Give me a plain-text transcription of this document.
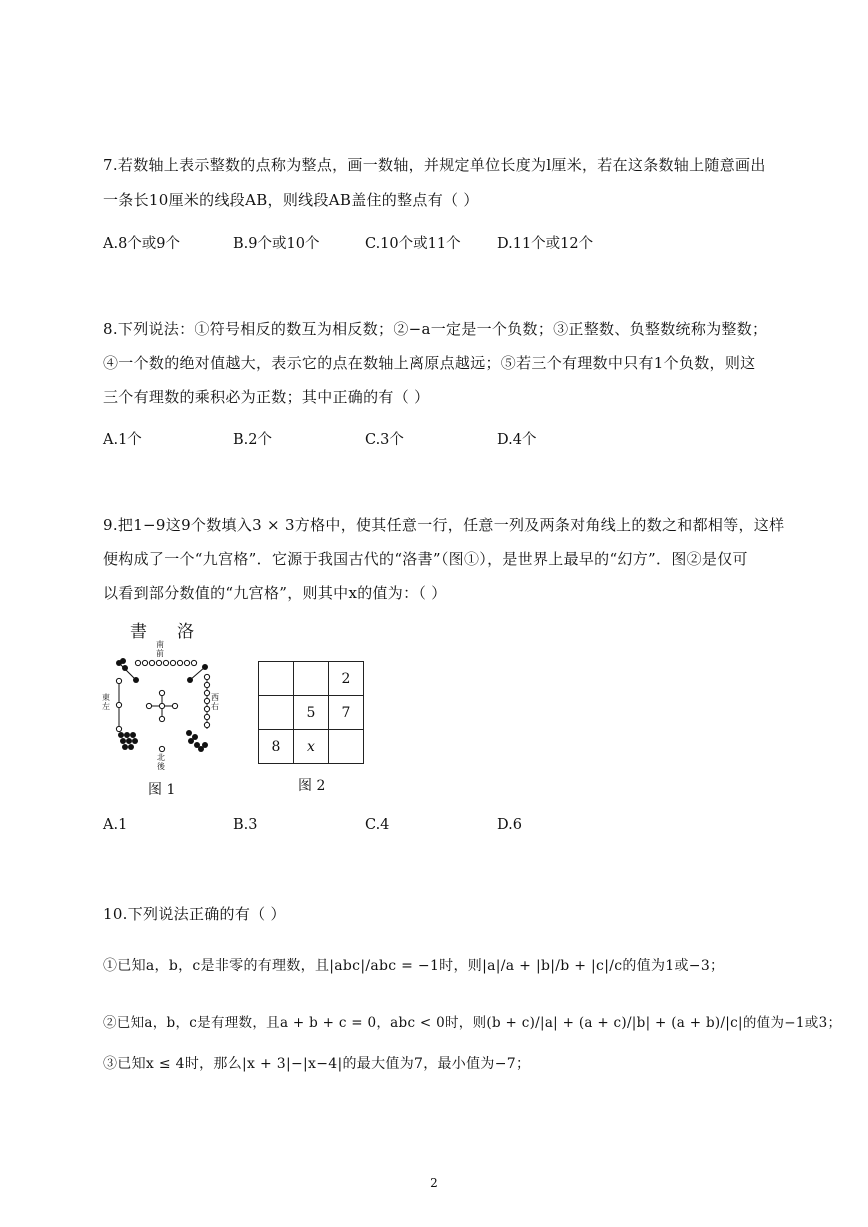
7.若数轴上表示整数的点称为整点，画一数轴，并规定单位长度为l厘米，若在这条数轴上随意画出
一条长10厘米的线段AB，则线段AB盖住的整点有（ ）
A.8个或9个	B.9个或10个	C.10个或11个	D.11个或12个
8.下列说法：①符号相反的数互为相反数；②−a一定是一个负数；③正整数、负整数统称为整数；
④一个数的绝对值越大，表示它的点在数轴上离原点越远；⑤若三个有理数中只有1个负数，则这
三个有理数的乘积必为正数；其中正确的有（ ）
A.1个	B.2个	C.3个	D.4个
9.把1−9这9个数填入3 × 3方格中，使其任意一行，任意一列及两条对角线上的数之和都相等，这样
便构成了一个“九宫格”．它源于我国古代的“洛書”（图①），是世界上最早的“幻方”．图②是仅可
以看到部分数值的“九宫格”，则其中x的值为：（ ）
書洛
南前
東左
西右
北後
图 1
		2
	5	7
8	x	
图 2
A.1	B.3	C.4	D.6
10.下列说法正确的有（ ）
①已知a，b，c是非零的有理数，且|abc|/abc = −1时，则|a|/a + |b|/b + |c|/c的值为1或−3；
②已知a，b，c是有理数，且a + b + c = 0，abc < 0时，则(b + c)/|a| + (a + c)/|b| + (a + b)/|c|的值为−1或3；
③已知x ≤ 4时，那么|x + 3|−|x−4|的最大值为7，最小值为−7；
2
